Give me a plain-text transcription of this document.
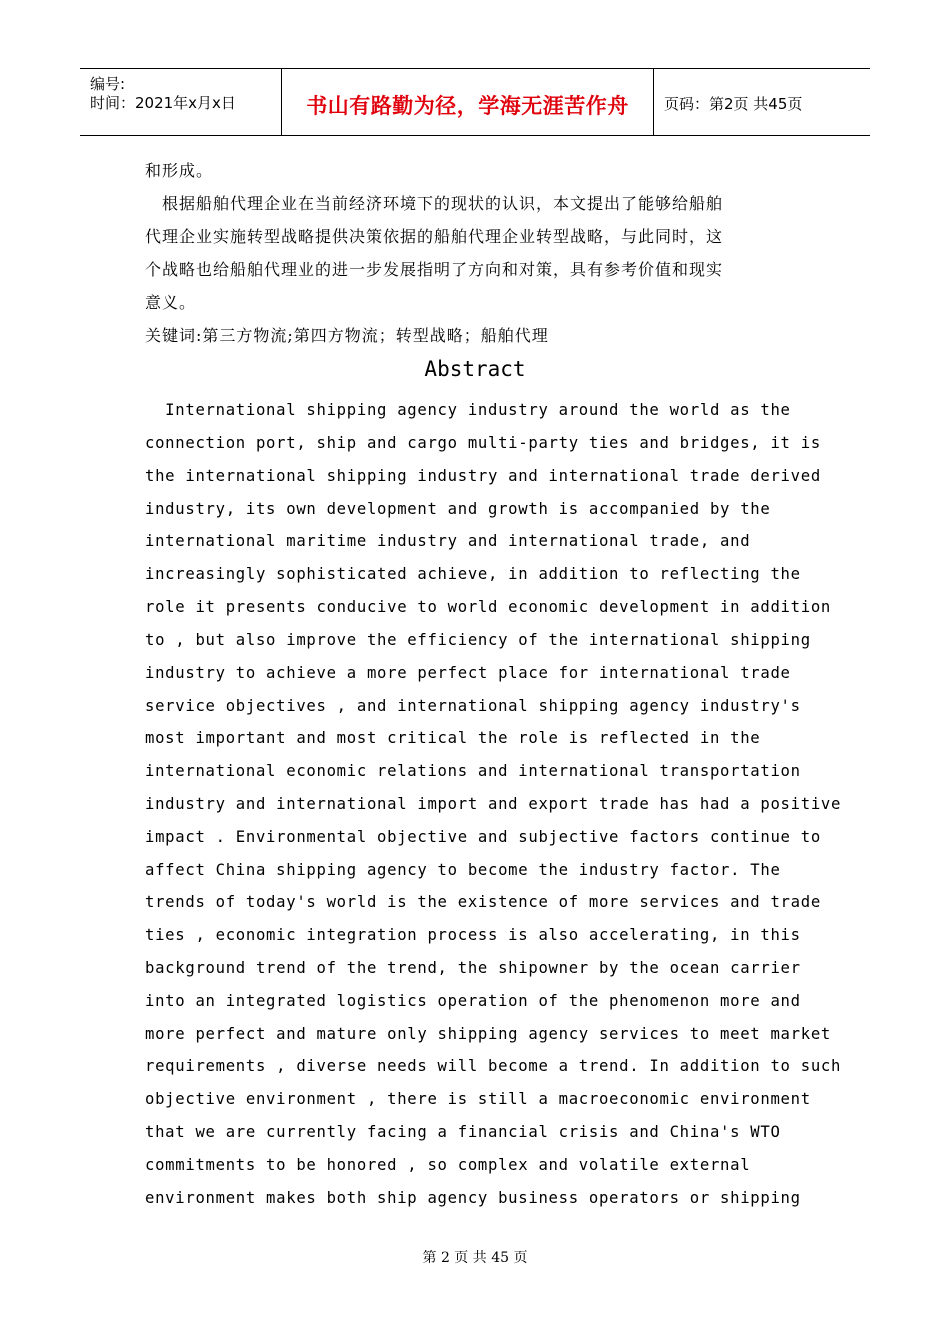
编号:
时间：2021年x月x日	书山有路勤为径，学海无涯苦作舟	页码：第2页 共45页
和形成。
　根据船舶代理企业在当前经济环境下的现状的认识，本文提出了能够给船舶
代理企业实施转型战略提供决策依据的船舶代理企业转型战略，与此同时，这
个战略也给船舶代理业的进一步发展指明了方向和对策，具有参考价值和现实
意义。
关键词:第三方物流;第四方物流；转型战略；船舶代理
Abstract
International shipping agency industry around the world as the
connection port, ship and cargo multi-party ties and bridges, it is
the international shipping industry and international trade derived
industry, its own development and growth is accompanied by the
international maritime industry and international trade, and
increasingly sophisticated achieve, in addition to reflecting the
role it presents conducive to world economic development in addition
to , but also improve the efficiency of the international shipping
industry to achieve a more perfect place for international trade
service objectives , and international shipping agency industry's
most important and most critical the role is reflected in the
international economic relations and international transportation
industry and international import and export trade has had a positive
impact . Environmental objective and subjective factors continue to
affect China shipping agency to become the industry factor. The
trends of today's world is the existence of more services and trade
ties , economic integration process is also accelerating, in this
background trend of the trend, the shipowner by the ocean carrier
into an integrated logistics operation of the phenomenon more and
more perfect and mature only shipping agency services to meet market
requirements , diverse needs will become a trend. In addition to such
objective environment , there is still a macroeconomic environment
that we are currently facing a financial crisis and China's WTO
commitments to be honored , so complex and volatile external
environment makes both ship agency business operators or shipping
第 2 页 共 45 页
